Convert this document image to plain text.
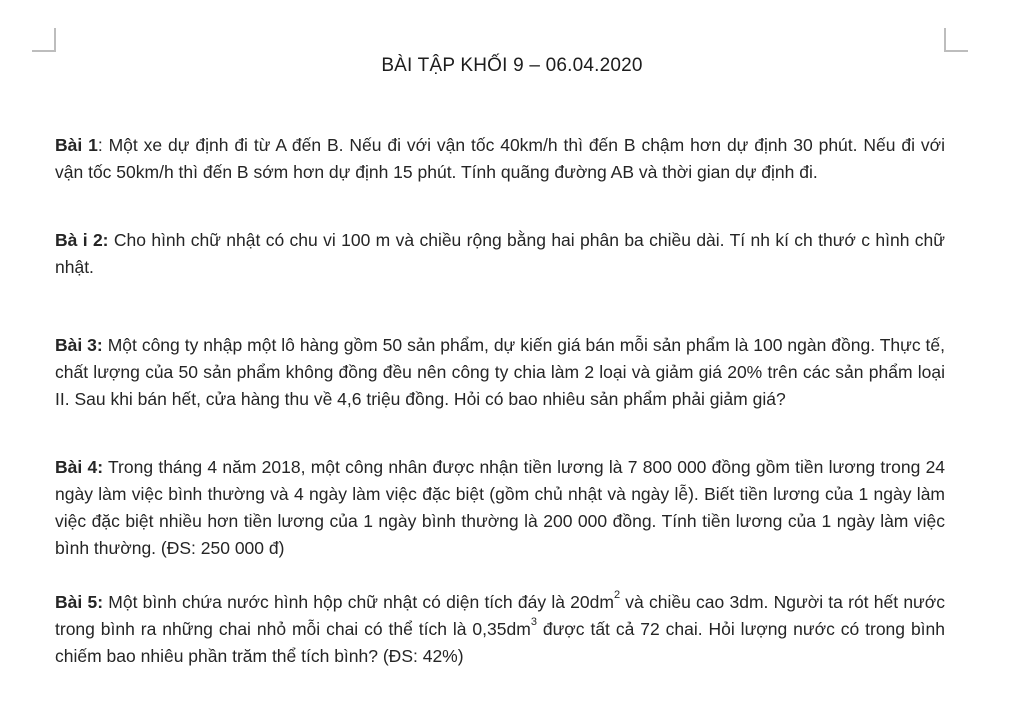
BÀI TẬP KHỐI 9 – 06.04.2020
Bài 1: Một xe dự định đi từ A đến B. Nếu đi với vận tốc 40km/h thì đến B chậm hơn dự định 30 phút. Nếu đi với vận tốc 50km/h thì đến B sớm hơn dự định 15 phút. Tính quãng đường AB và thời gian dự định đi.
Bà i 2: Cho hình chữ nhật có chu vi 100 m và chiều rộng bằng hai phân ba chiều dài. Tí nh kí ch thướ c hình chữ nhật.
Bài 3: Một công ty nhập một lô hàng gồm 50 sản phẩm, dự kiến giá bán mỗi sản phẩm là 100 ngàn đồng. Thực tế, chất lượng của 50 sản phẩm không đồng đều nên công ty chia làm 2 loại và giảm giá 20% trên các sản phẩm loại II. Sau khi bán hết, cửa hàng thu về 4,6 triệu đồng. Hỏi có bao nhiêu sản phẩm phải giảm giá?
Bài 4: Trong tháng 4 năm 2018, một công nhân được nhận tiền lương là 7 800 000 đồng gồm tiền lương trong 24 ngày làm việc bình thường và 4 ngày làm việc đặc biệt (gồm chủ nhật và ngày lễ). Biết tiền lương của 1 ngày làm việc đặc biệt nhiều hơn tiền lương của 1 ngày bình thường là 200 000 đồng. Tính tiền lương của 1 ngày làm việc bình thường. (ĐS: 250 000 đ)
Bài 5: Một bình chứa nước hình hộp chữ nhật có diện tích đáy là $20dm^2$ và chiều cao 3dm. Người ta rót hết nước trong bình ra những chai nhỏ mỗi chai có thể tích là $0,35dm^3$ được tất cả 72 chai. Hỏi lượng nước có trong bình chiếm bao nhiêu phần trăm thể tích bình? (ĐS: 42%)
